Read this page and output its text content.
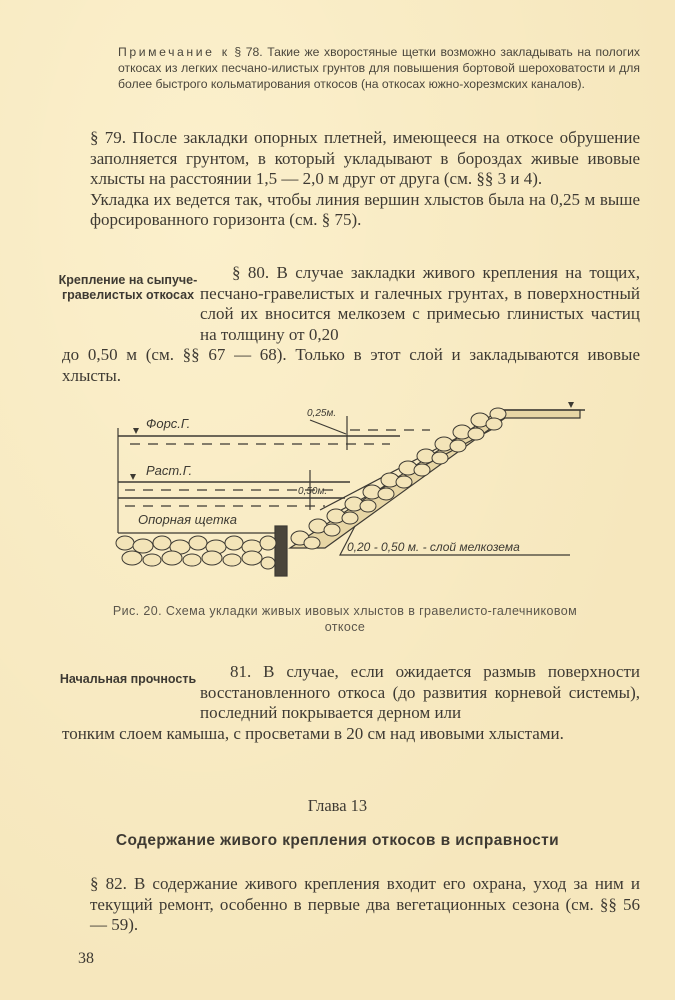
Примечание к § 78. Такие же хворостяные щетки возможно закладывать на пологих откосах из легких песчано-илистых грунтов для повышения бортовой шероховатости и для более быстрого кольматирования откосов (на откосах южно-хорезмских каналов).
§ 79. После закладки опорных плетней, имеющееся на откосе обрушение заполняется грунтом, в который укладывают в бороздах живые ивовые хлысты на расстоянии 1,5 — 2,0 м друг от друга (см. §§ 3 и 4).
Укладка их ведется так, чтобы линия вершин хлыстов была на 0,25 м выше форсированного горизонта (см. § 75).
Крепление на сыпуче-гравелистых откосах
§ 80. В случае закладки живого крепления на тощих, песчано-гравелистых и галечных грунтах, в поверхностный слой их вносится мелкозем с примесью глинистых частиц на толщину от 0,20
до 0,50 м (см. §§ 67 — 68). Только в этот слой и закладываются ивовые хлысты.
Форс.Г.
Раст.Г.
0,25м.
0,50м.
Опорная щетка
0,20 - 0,50 м. - слой мелкозема
Рис. 20. Схема укладки живых ивовых хлыстов в гравелисто-галечниковом откосе
Начальная прочность	81. В случае, если ожидается размыв поверхности восстановленного откоса (до развития корневой системы), последний покрывается дерном или
тонким слоем камыша, с просветами в 20 см над ивовыми хлыстами.
Глава 13
Содержание живого крепления откосов в исправности
§ 82. В содержание живого крепления входит его охрана, уход за ним и текущий ремонт, особенно в первые два вегетационных сезона (см. §§ 56 — 59).
38
